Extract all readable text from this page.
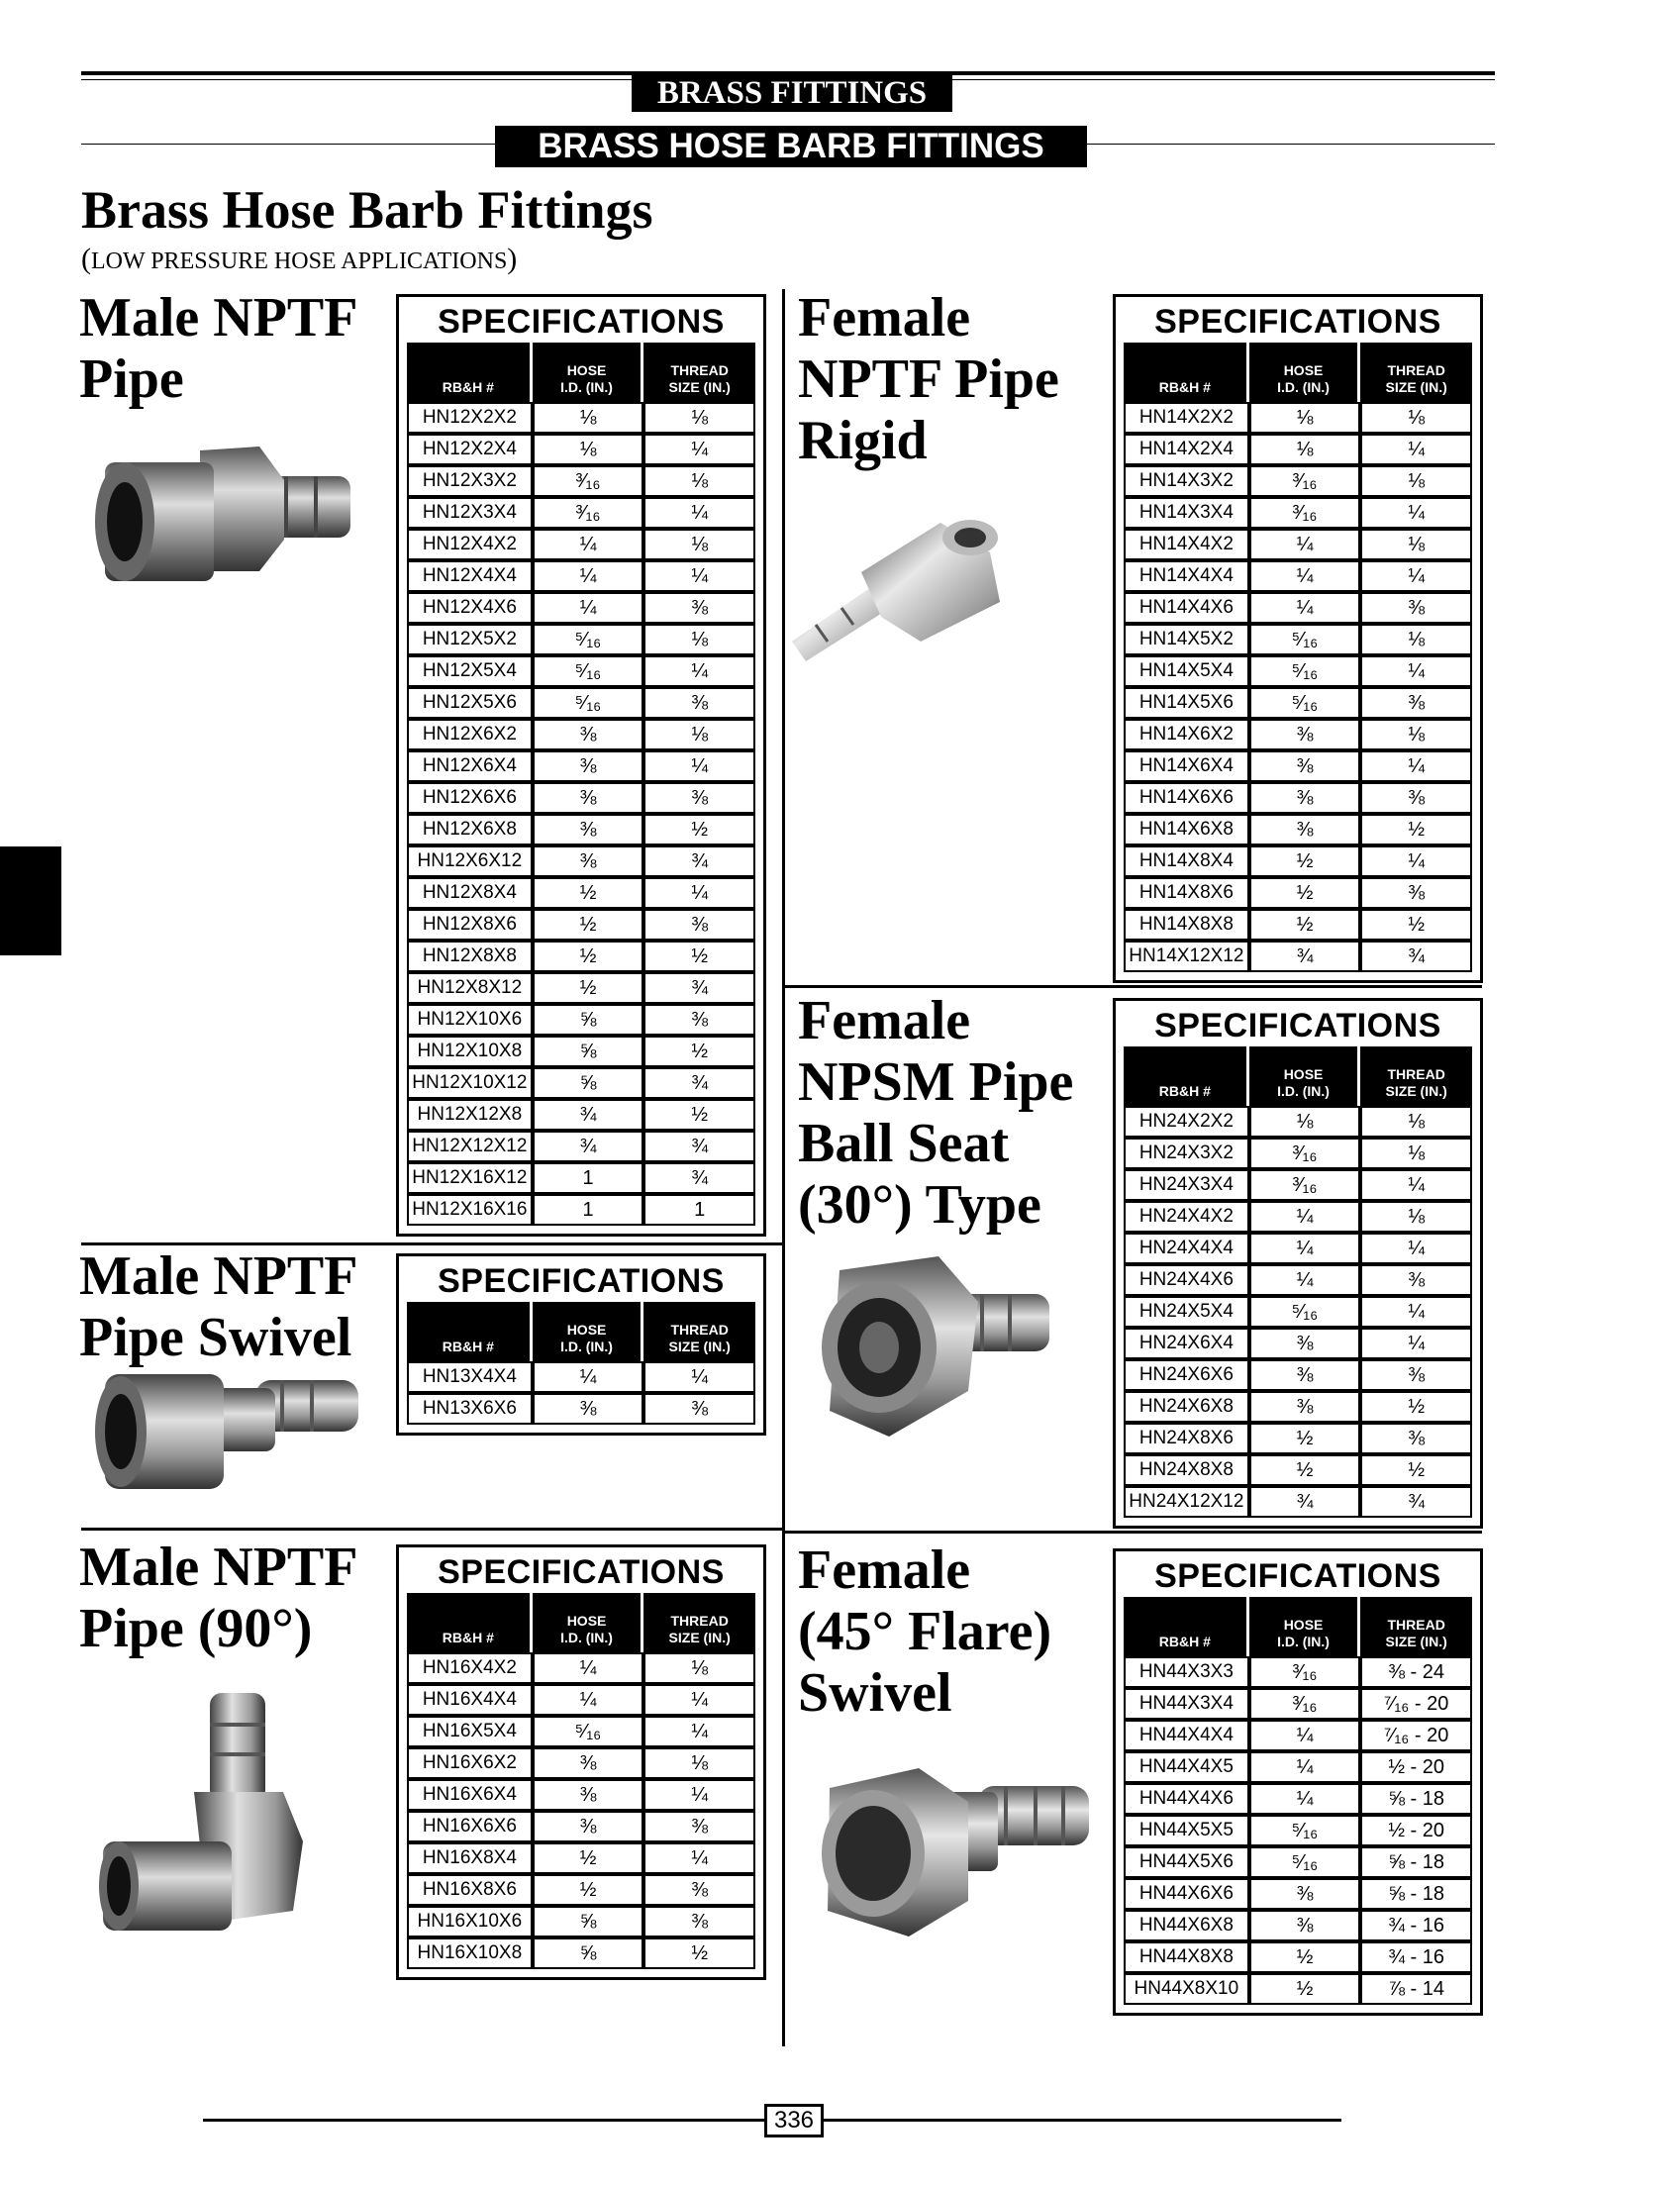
BRASS FITTINGS
BRASS HOSE BARB FITTINGS
Brass Hose Barb Fittings
(LOW PRESSURE HOSE APPLICATIONS)
Male NPTF
Pipe
Male NPTF
Pipe Swivel
Male NPTF
Pipe (90°)
Female
NPTF Pipe
Rigid
Female
NPSM Pipe
Ball Seat
(30°) Type
Female
(45° Flare)
Swivel
SPECIFICATIONS
RB&H #	HOSE
I.D. (IN.)	THREAD
SIZE (IN.)
HN12X2X2	⅛	⅛
HN12X2X4	⅛	¼
HN12X3X2	³⁄₁₆	⅛
HN12X3X4	³⁄₁₆	¼
HN12X4X2	¼	⅛
HN12X4X4	¼	¼
HN12X4X6	¼	⅜
HN12X5X2	⁵⁄₁₆	⅛
HN12X5X4	⁵⁄₁₆	¼
HN12X5X6	⁵⁄₁₆	⅜
HN12X6X2	⅜	⅛
HN12X6X4	⅜	¼
HN12X6X6	⅜	⅜
HN12X6X8	⅜	½
HN12X6X12	⅜	¾
HN12X8X4	½	¼
HN12X8X6	½	⅜
HN12X8X8	½	½
HN12X8X12	½	¾
HN12X10X6	⅝	⅜
HN12X10X8	⅝	½
HN12X10X12	⅝	¾
HN12X12X8	¾	½
HN12X12X12	¾	¾
HN12X16X12	1	¾
HN12X16X16	1	1
SPECIFICATIONS
RB&H #	HOSE
I.D. (IN.)	THREAD
SIZE (IN.)
HN13X4X4	¼	¼
HN13X6X6	⅜	⅜
SPECIFICATIONS
RB&H #	HOSE
I.D. (IN.)	THREAD
SIZE (IN.)
HN16X4X2	¼	⅛
HN16X4X4	¼	¼
HN16X5X4	⁵⁄₁₆	¼
HN16X6X2	⅜	⅛
HN16X6X4	⅜	¼
HN16X6X6	⅜	⅜
HN16X8X4	½	¼
HN16X8X6	½	⅜
HN16X10X6	⅝	⅜
HN16X10X8	⅝	½
SPECIFICATIONS
RB&H #	HOSE
I.D. (IN.)	THREAD
SIZE (IN.)
HN14X2X2	⅛	⅛
HN14X2X4	⅛	¼
HN14X3X2	³⁄₁₆	⅛
HN14X3X4	³⁄₁₆	¼
HN14X4X2	¼	⅛
HN14X4X4	¼	¼
HN14X4X6	¼	⅜
HN14X5X2	⁵⁄₁₆	⅛
HN14X5X4	⁵⁄₁₆	¼
HN14X5X6	⁵⁄₁₆	⅜
HN14X6X2	⅜	⅛
HN14X6X4	⅜	¼
HN14X6X6	⅜	⅜
HN14X6X8	⅜	½
HN14X8X4	½	¼
HN14X8X6	½	⅜
HN14X8X8	½	½
HN14X12X12	¾	¾
SPECIFICATIONS
RB&H #	HOSE
I.D. (IN.)	THREAD
SIZE (IN.)
HN24X2X2	⅛	⅛
HN24X3X2	³⁄₁₆	⅛
HN24X3X4	³⁄₁₆	¼
HN24X4X2	¼	⅛
HN24X4X4	¼	¼
HN24X4X6	¼	⅜
HN24X5X4	⁵⁄₁₆	¼
HN24X6X4	⅜	¼
HN24X6X6	⅜	⅜
HN24X6X8	⅜	½
HN24X8X6	½	⅜
HN24X8X8	½	½
HN24X12X12	¾	¾
SPECIFICATIONS
RB&H #	HOSE
I.D. (IN.)	THREAD
SIZE (IN.)
HN44X3X3	³⁄₁₆	⅜ - 24
HN44X3X4	³⁄₁₆	⁷⁄₁₆ - 20
HN44X4X4	¼	⁷⁄₁₆ - 20
HN44X4X5	¼	½ - 20
HN44X4X6	¼	⅝ - 18
HN44X5X5	⁵⁄₁₆	½ - 20
HN44X5X6	⁵⁄₁₆	⅝ - 18
HN44X6X6	⅜	⅝ - 18
HN44X6X8	⅜	¾ - 16
HN44X8X8	½	¾ - 16
HN44X8X10	½	⅞ - 14
336
